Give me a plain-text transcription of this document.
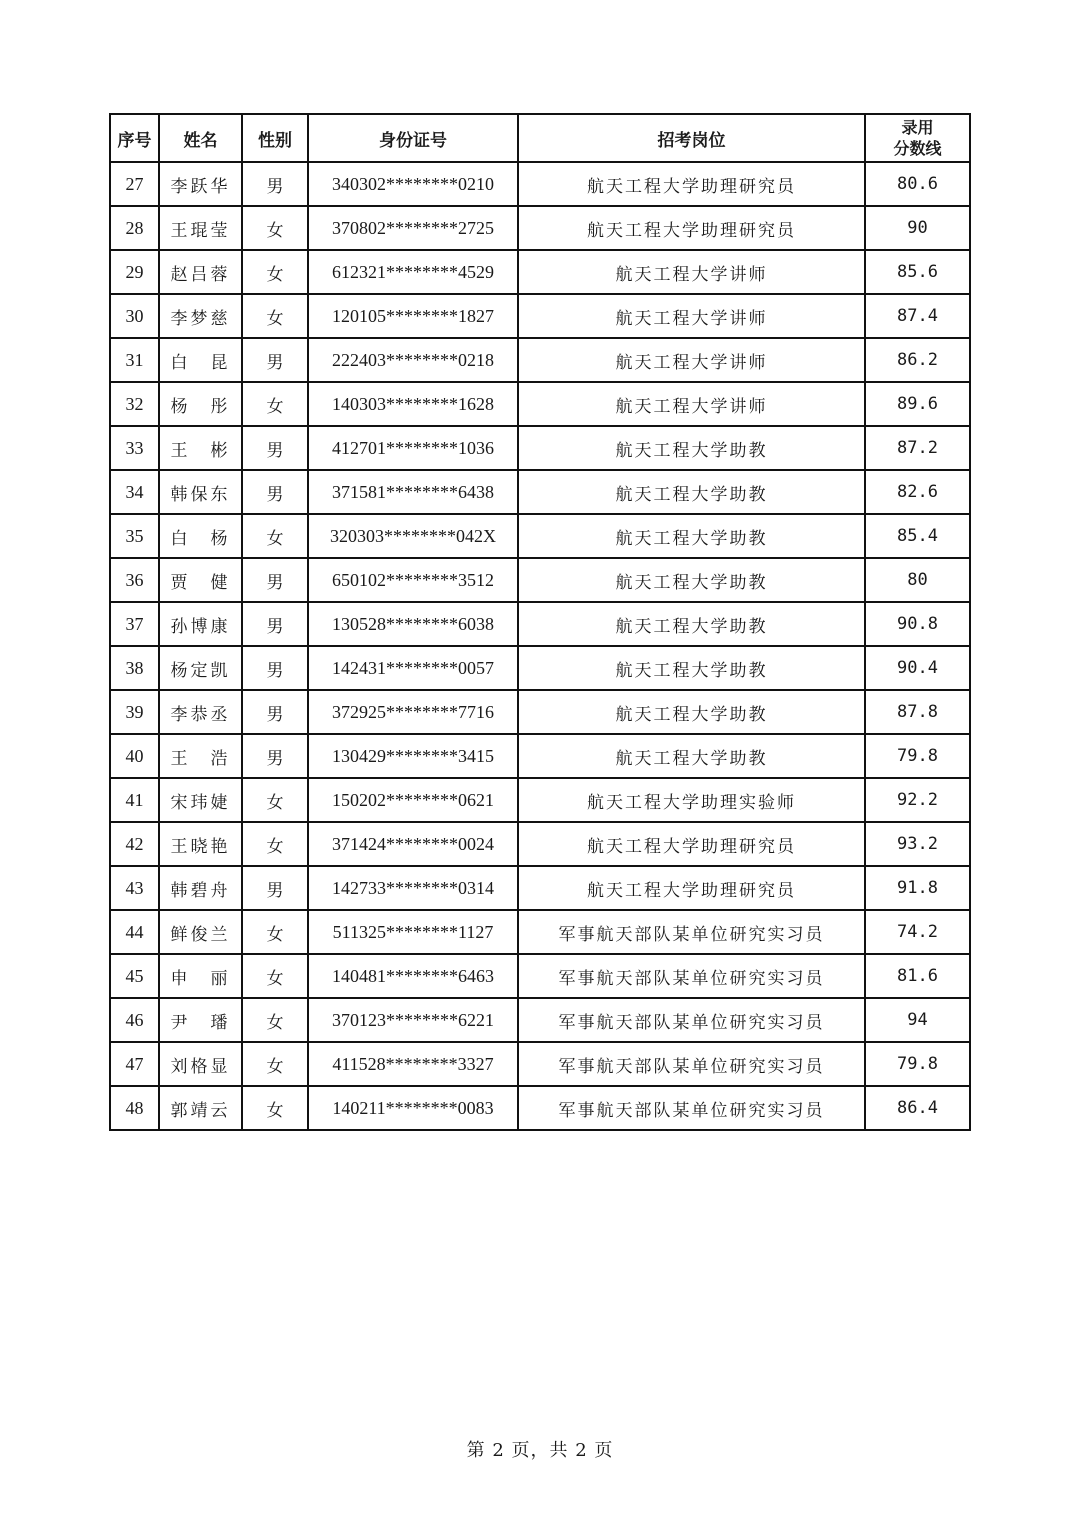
序号	姓名	性别	身份证号	招考岗位	录用
分数线
27	李跃华	男	340302********0210	航天工程大学助理研究员	80.6
28	王琨莹	女	370802********2725	航天工程大学助理研究员	90
29	赵吕蓉	女	612321********4529	航天工程大学讲师	85.6
30	李梦慈	女	120105********1827	航天工程大学讲师	87.4
31	白　昆	男	222403********0218	航天工程大学讲师	86.2
32	杨　彤	女	140303********1628	航天工程大学讲师	89.6
33	王　彬	男	412701********1036	航天工程大学助教	87.2
34	韩保东	男	371581********6438	航天工程大学助教	82.6
35	白　杨	女	320303********042X	航天工程大学助教	85.4
36	贾　健	男	650102********3512	航天工程大学助教	80
37	孙博康	男	130528********6038	航天工程大学助教	90.8
38	杨定凯	男	142431********0057	航天工程大学助教	90.4
39	李恭丞	男	372925********7716	航天工程大学助教	87.8
40	王　浩	男	130429********3415	航天工程大学助教	79.8
41	宋玮婕	女	150202********0621	航天工程大学助理实验师	92.2
42	王晓艳	女	371424********0024	航天工程大学助理研究员	93.2
43	韩碧舟	男	142733********0314	航天工程大学助理研究员	91.8
44	鲜俊兰	女	511325********1127	军事航天部队某单位研究实习员	74.2
45	申　丽	女	140481********6463	军事航天部队某单位研究实习员	81.6
46	尹　璠	女	370123********6221	军事航天部队某单位研究实习员	94
47	刘格显	女	411528********3327	军事航天部队某单位研究实习员	79.8
48	郭靖云	女	140211********0083	军事航天部队某单位研究实习员	86.4
第 2 页，共 2 页
